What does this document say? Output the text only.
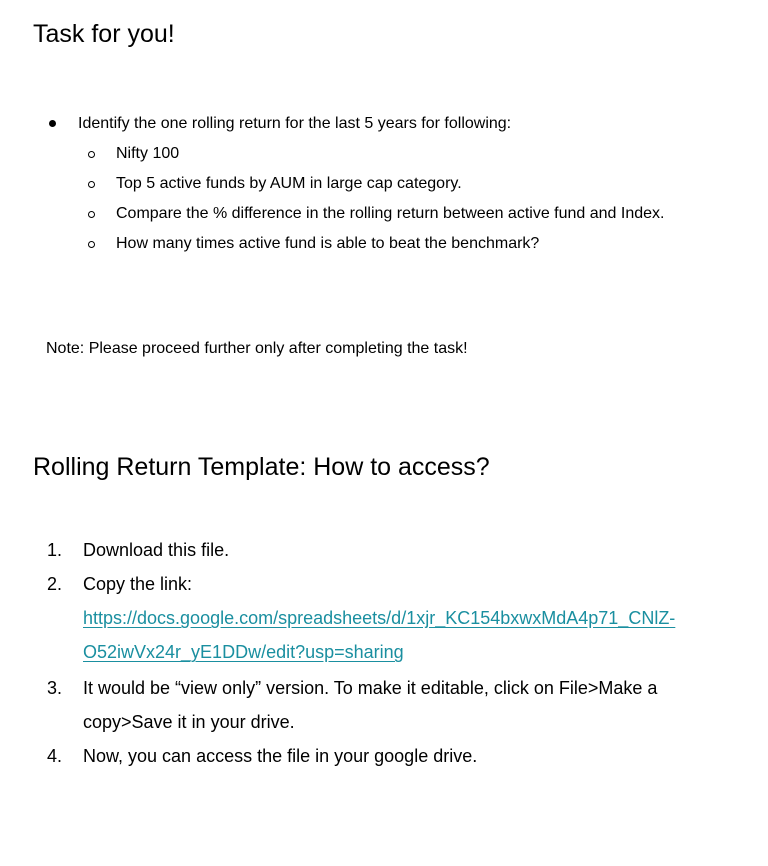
Task for you!
Identify the one rolling return for the last 5 years for following:
Nifty 100
Top 5 active funds by AUM in large cap category.
Compare the % difference in the rolling return between active fund and Index.
How many times active fund is able to beat the benchmark?
Note: Please proceed further only after completing the task!
Rolling Return Template: How to access?
1. Download this file.
2. Copy the link:
https://docs.google.com/spreadsheets/d/1xjr_KC154bxwxMdA4p71_CNlZ-
O52iwVx24r_yE1DDw/edit?usp=sharing
3. It would be “view only” version. To make it editable, click on File>Make a
copy>Save it in your drive.
4. Now, you can access the file in your google drive.
